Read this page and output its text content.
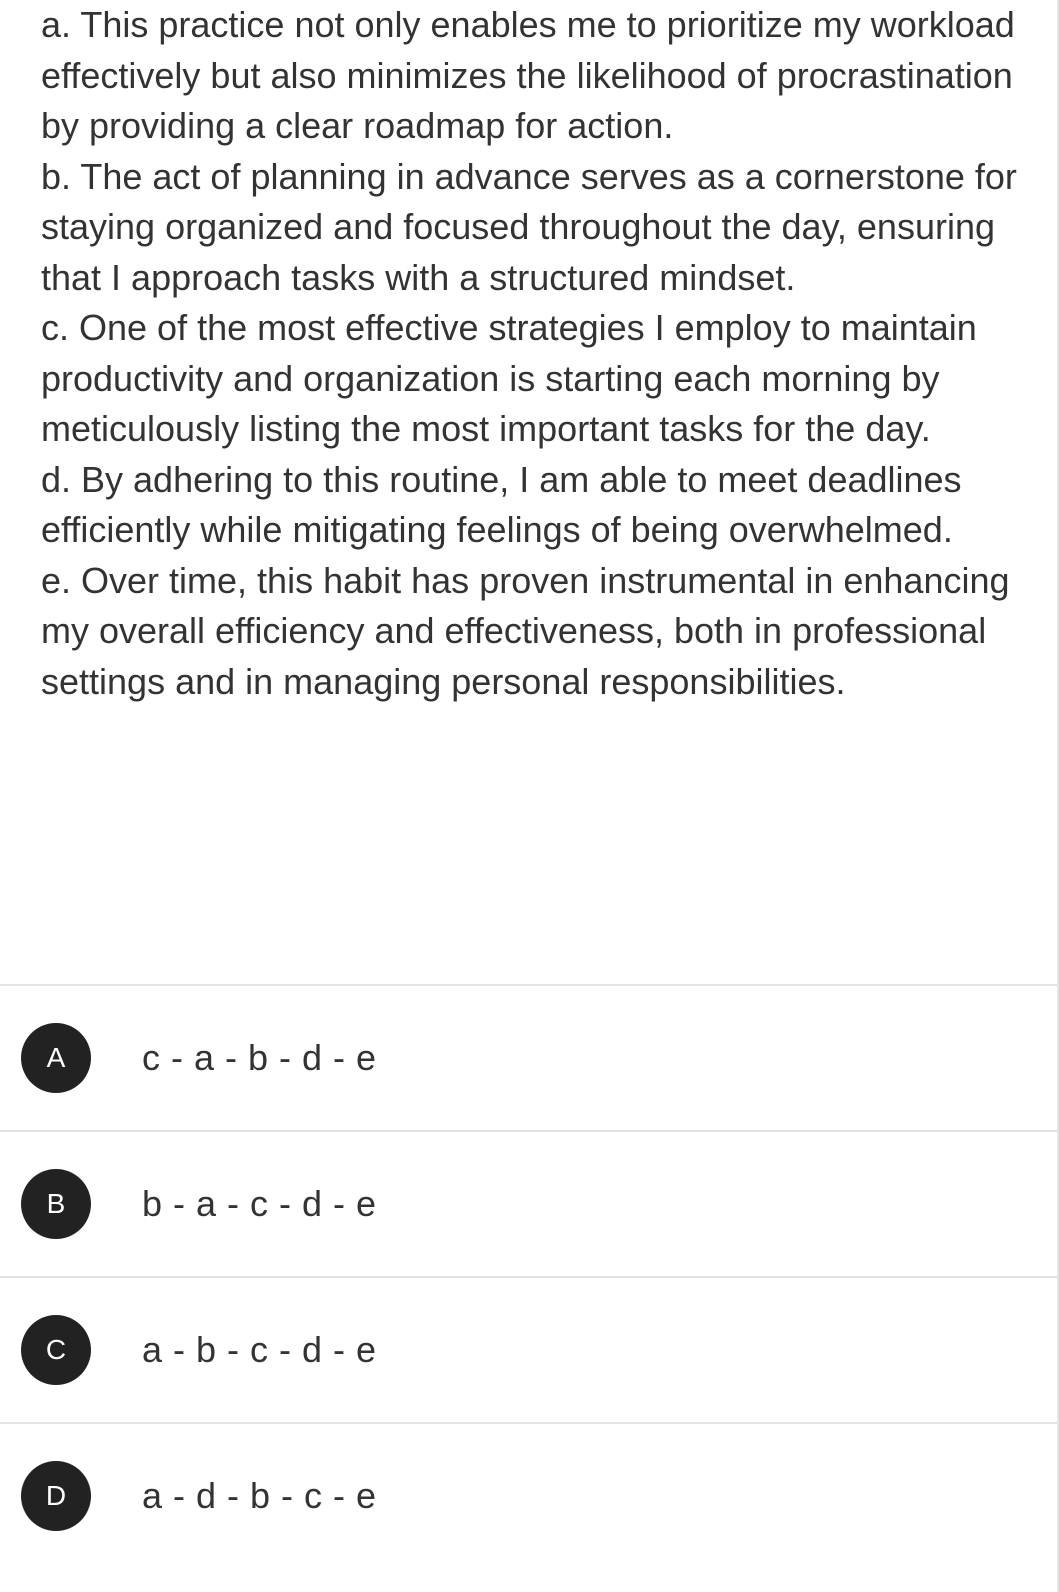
a. This practice not only enables me to prioritize my workload effectively but also minimizes the likelihood of procrastination by providing a clear roadmap for action.

b. The act of planning in advance serves as a cornerstone for staying organized and focused throughout the day, ensuring that I approach tasks with a structured mindset.

c. One of the most effective strategies I employ to maintain productivity and organization is starting each morning by meticulously listing the most important tasks for the day.

d. By adhering to this routine, I am able to meet deadlines efficiently while mitigating feelings of being overwhelmed.

e. Over time, this habit has proven instrumental in enhancing my overall efficiency and effectiveness, both in professional settings and in managing personal responsibilities.

A	c - a - b - d - e
B	b - a - c - d - e
C	a - b - c - d - e
D	a - d - b - c - e
